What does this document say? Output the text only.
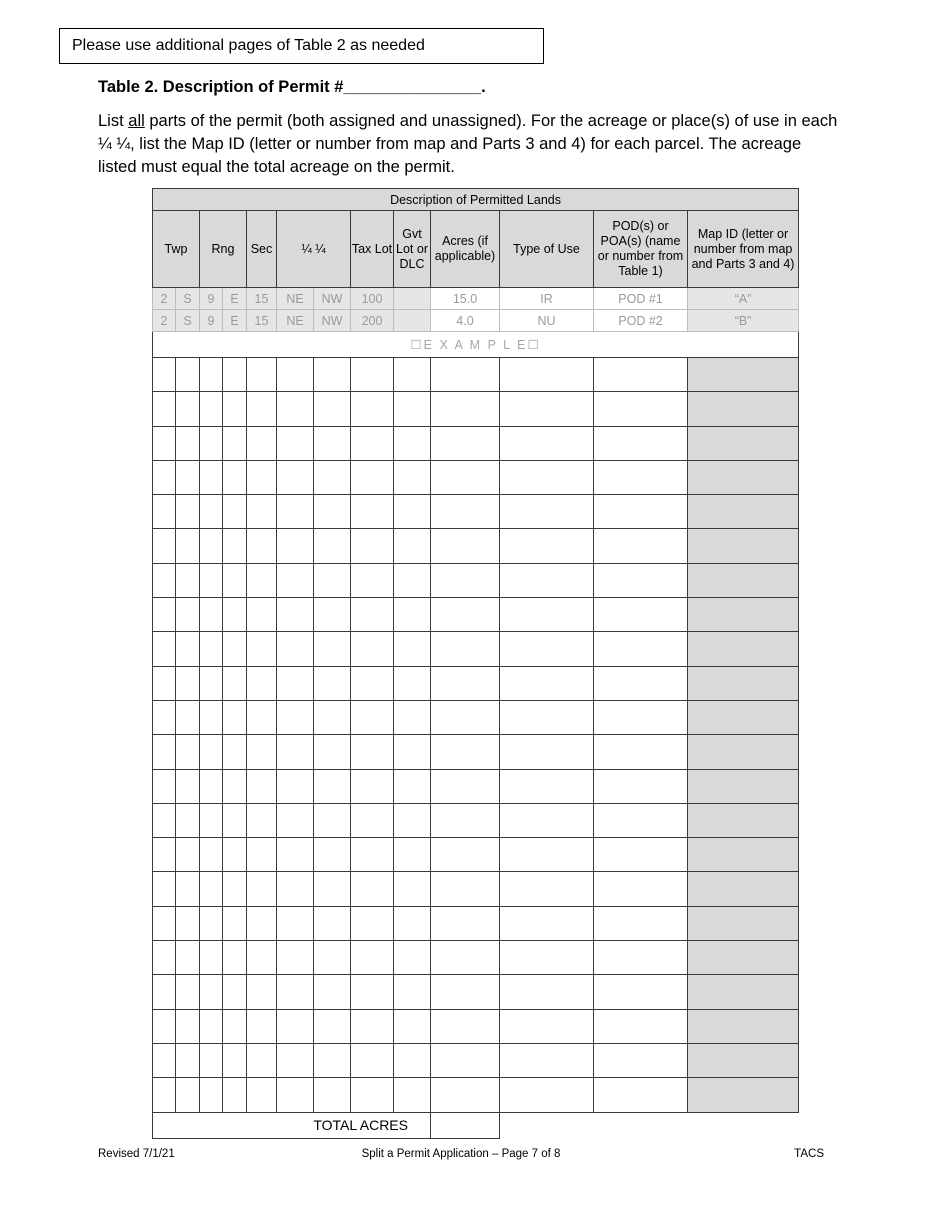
Please use additional pages of Table 2 as needed
Table 2. Description of Permit #_______________.
List all parts of the permit (both assigned and unassigned). For the acreage or place(s) of use in each ¼ ¼, list the Map ID (letter or number from map and Parts 3 and 4) for each parcel. The acreage listed must equal the total acreage on the permit.
Description of Permitted Lands												
Twp		Rng		Sec	¼ ¼		Tax Lot	Gvt Lot or DLC	Acres (if applicable)	Type of Use	POD(s) or POA(s) (name or number from Table 1)	Map ID (letter or number from map and Parts 3 and 4)
2	S	9	E	15	NE	NW	100		15.0	IR	POD #1	“A”
2	S	9	E	15	NE	NW	200		4.0	NU	POD #2	“B”
☐E X A M P L E☐												

TOTAL ACRES												
Revised 7/1/21	Split a Permit Application – Page 7 of 8	TACS
